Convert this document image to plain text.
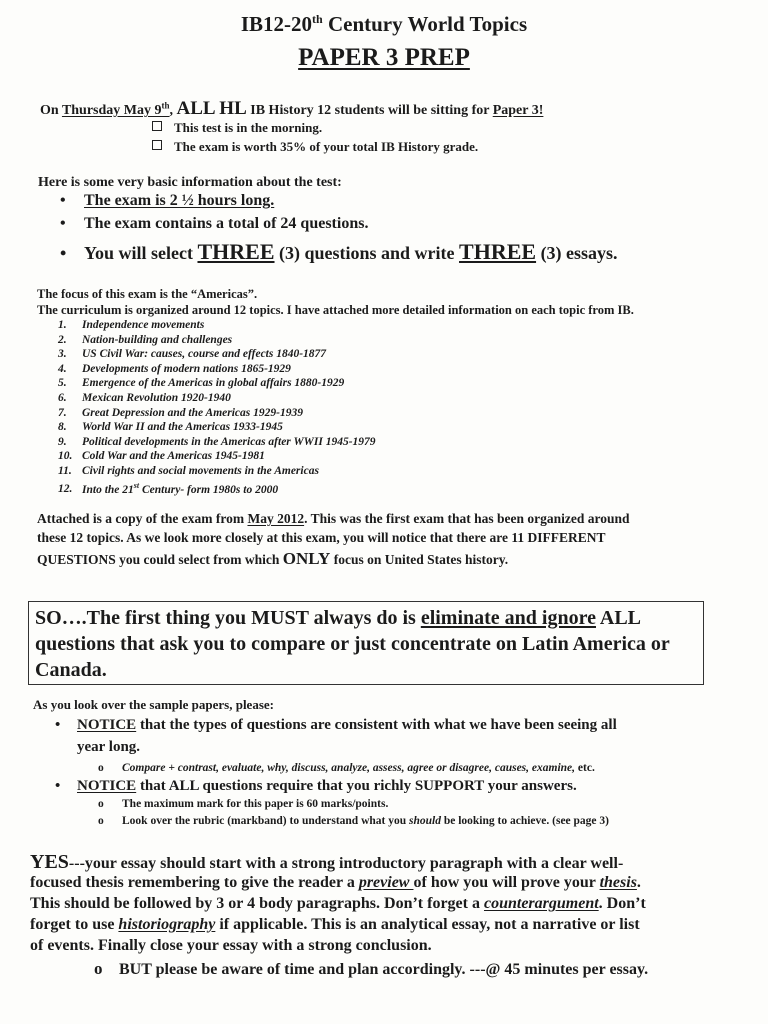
IB12-20th Century World Topics
PAPER 3 PREP
On Thursday May 9th, ALL HL IB History 12 students will be sitting for Paper 3!
This test is in the morning.
The exam is worth 35% of your total IB History grade.
Here is some very basic information about the test:
• The exam is 2 ½ hours long.
• The exam contains a total of 24 questions.
• You will select THREE (3) questions and write THREE (3) essays.
The focus of this exam is the “Americas”.
The curriculum is organized around 12 topics. I have attached more detailed information on each topic from IB.
1. Independence movements
2. Nation-building and challenges
3. US Civil War: causes, course and effects 1840-1877
4. Developments of modern nations 1865-1929
5. Emergence of the Americas in global affairs 1880-1929
6. Mexican Revolution 1920-1940
7. Great Depression and the Americas 1929-1939
8. World War II and the Americas 1933-1945
9. Political developments in the Americas after WWII 1945-1979
10. Cold War and the Americas 1945-1981
11. Civil rights and social movements in the Americas
12. Into the 21st Century- form 1980s to 2000
Attached is a copy of the exam from May 2012. This was the first exam that has been organized around
these 12 topics. As we look more closely at this exam, you will notice that there are 11 DIFFERENT
QUESTIONS you could select from which ONLY focus on United States history.
SO….The first thing you MUST always do is eliminate and ignore ALL questions that ask you to compare or just concentrate on Latin America or Canada.
As you look over the sample papers, please:
• NOTICE that the types of questions are consistent with what we have been seeing all
year long.
o Compare + contrast, evaluate, why, discuss, analyze, assess, agree or disagree, causes, examine, etc.
• NOTICE that ALL questions require that you richly SUPPORT your answers.
o The maximum mark for this paper is 60 marks/points.
o Look over the rubric (markband) to understand what you should be looking to achieve. (see page 3)
YES---your essay should start with a strong introductory paragraph with a clear well-
focused thesis remembering to give the reader a preview of how you will prove your thesis.
This should be followed by 3 or 4 body paragraphs. Don’t forget a counterargument. Don’t
forget to use historiography if applicable. This is an analytical essay, not a narrative or list
of events. Finally close your essay with a strong conclusion.
o BUT please be aware of time and plan accordingly. ---@ 45 minutes per essay.
